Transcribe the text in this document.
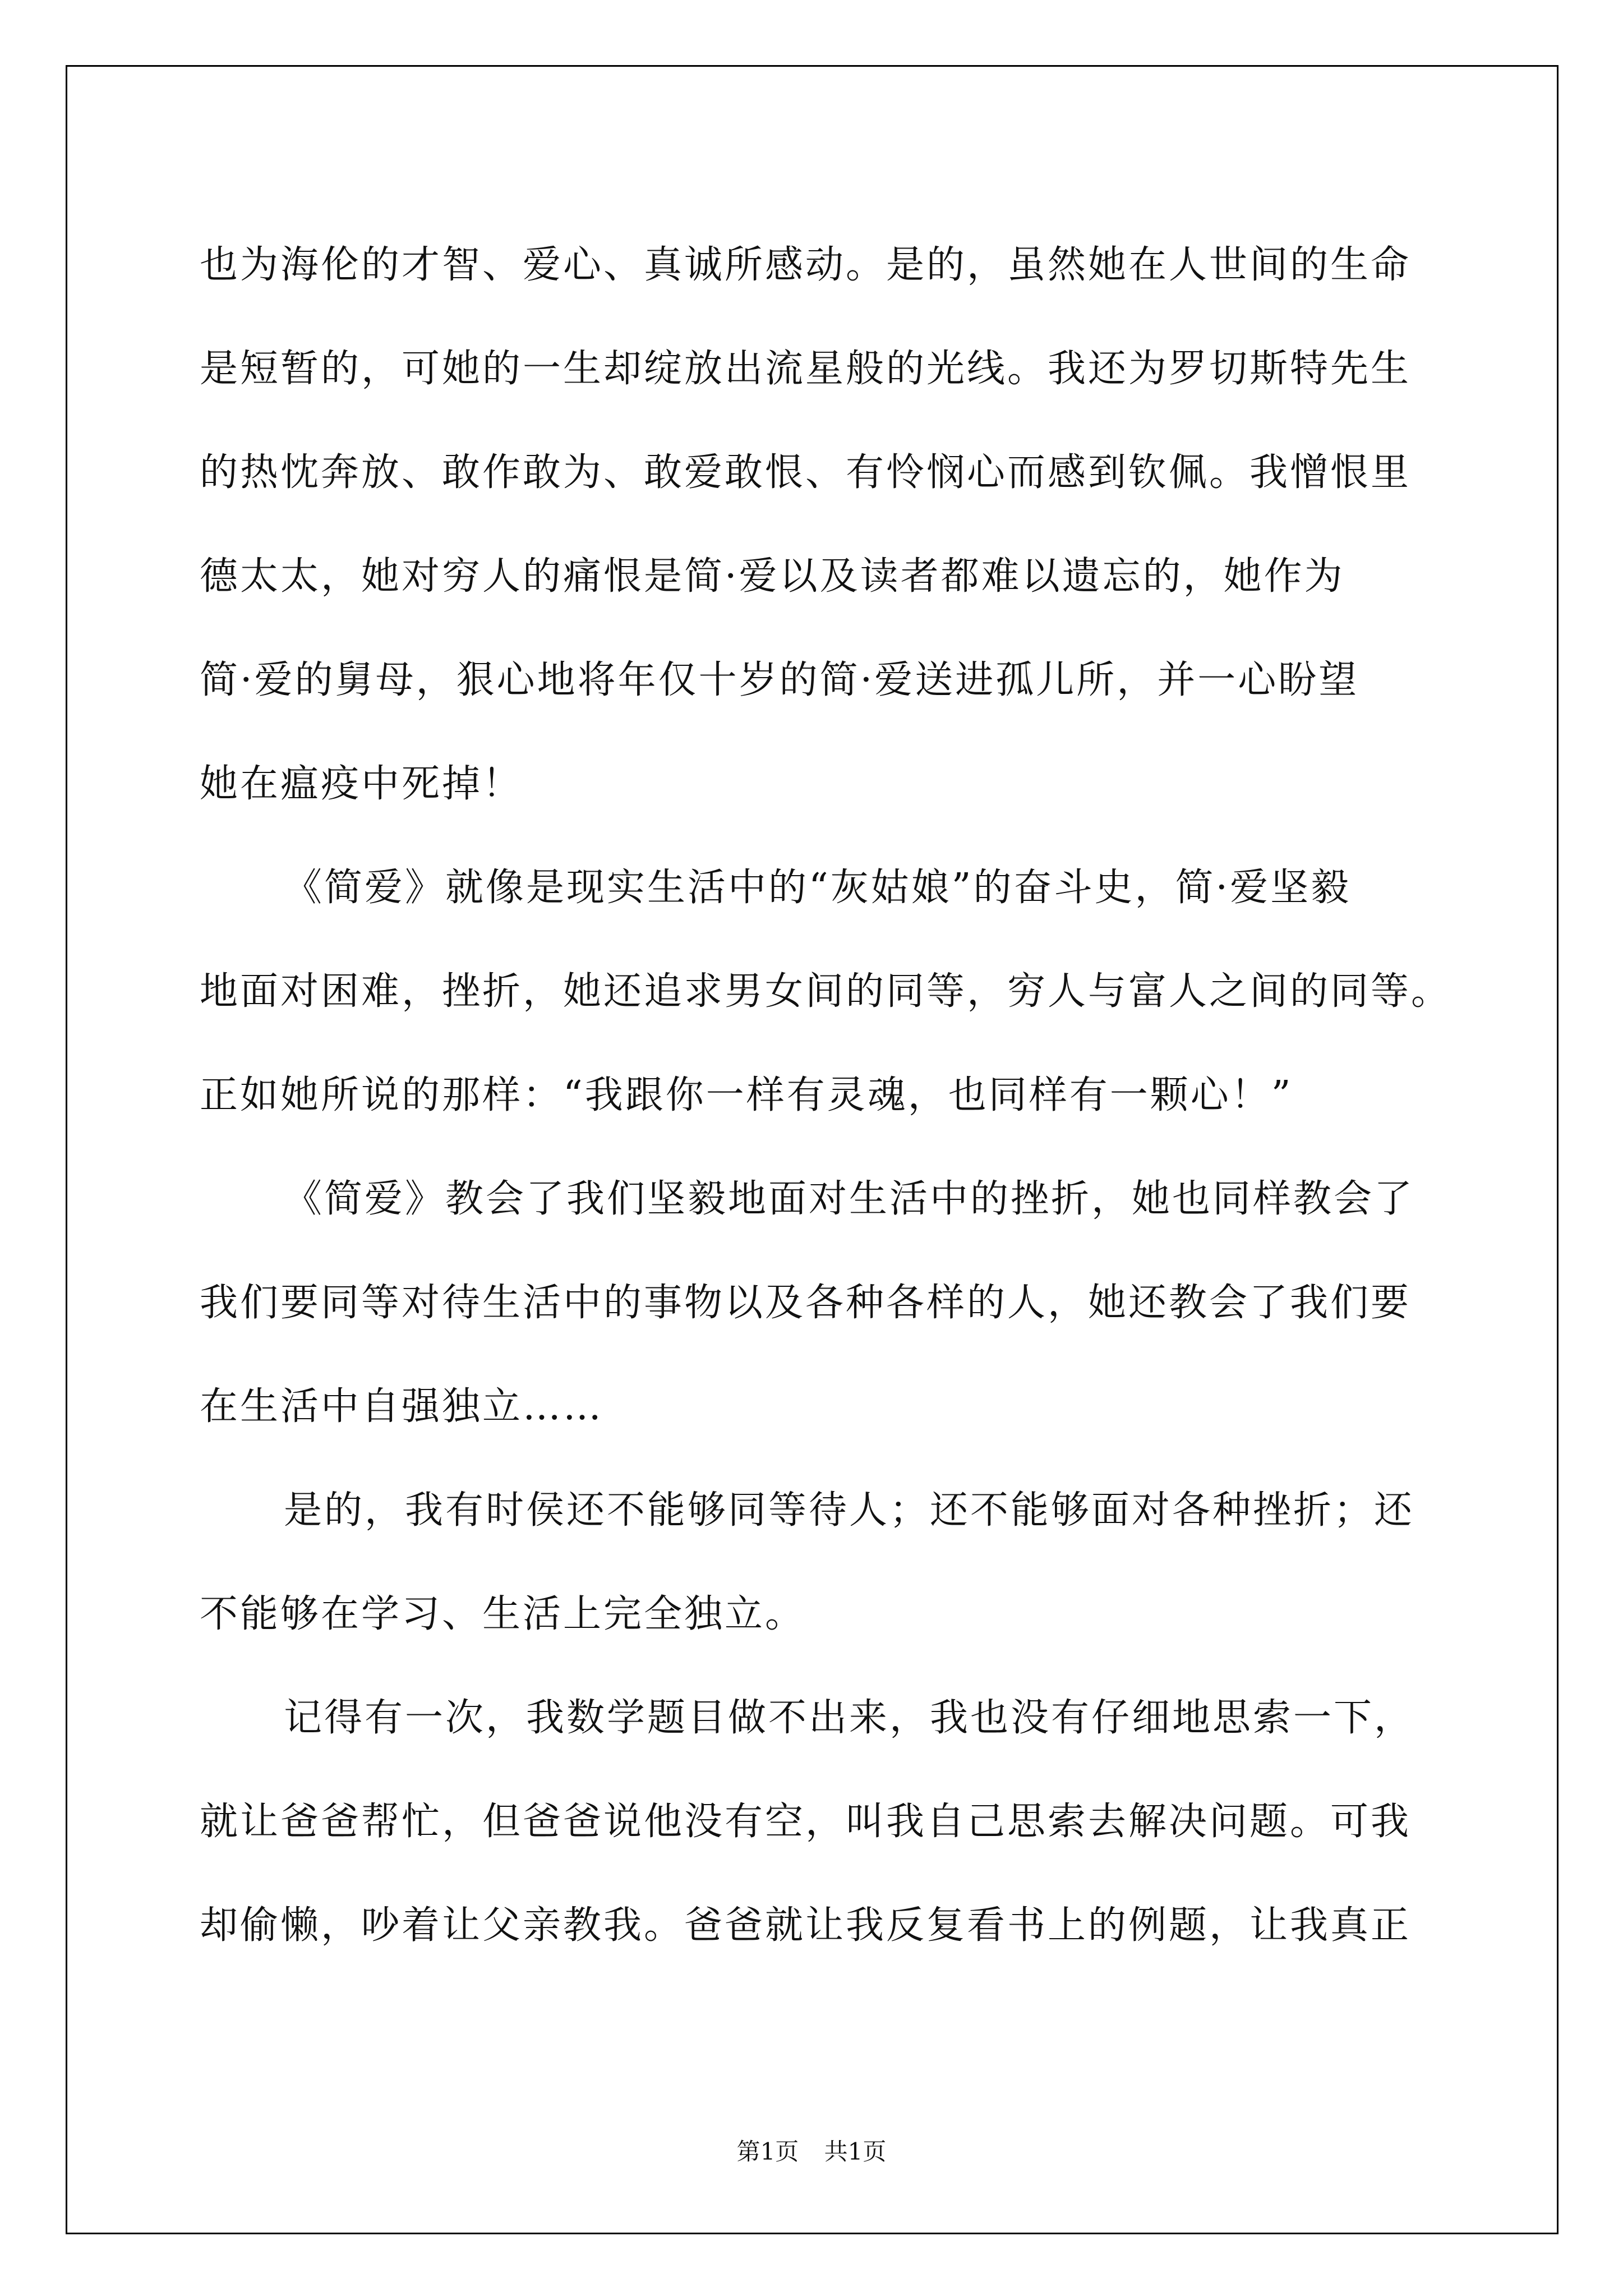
也为海伦的才智、爱心、真诚所感动。是的，虽然她在人世间的生命
是短暂的，可她的一生却绽放出流星般的光线。我还为罗切斯特先生
的热忱奔放、敢作敢为、敢爱敢恨、有怜悯心而感到钦佩。我憎恨里
德太太，她对穷人的痛恨是简·爱以及读者都难以遗忘的，她作为
简·爱的舅母，狠心地将年仅十岁的简·爱送进孤儿所，并一心盼望
她在瘟疫中死掉！
《简爱》就像是现实生活中的“灰姑娘”的奋斗史，简·爱坚毅
地面对困难，挫折，她还追求男女间的同等，穷人与富人之间的同等。
正如她所说的那样：“我跟你一样有灵魂，也同样有一颗心！”
《简爱》教会了我们坚毅地面对生活中的挫折，她也同样教会了
我们要同等对待生活中的事物以及各种各样的人，她还教会了我们要
在生活中自强独立……
是的，我有时侯还不能够同等待人；还不能够面对各种挫折；还
不能够在学习、生活上完全独立。
记得有一次，我数学题目做不出来，我也没有仔细地思索一下，
就让爸爸帮忙，但爸爸说他没有空，叫我自己思索去解决问题。可我
却偷懒，吵着让父亲教我。爸爸就让我反复看书上的例题，让我真正
第1页 共1页
